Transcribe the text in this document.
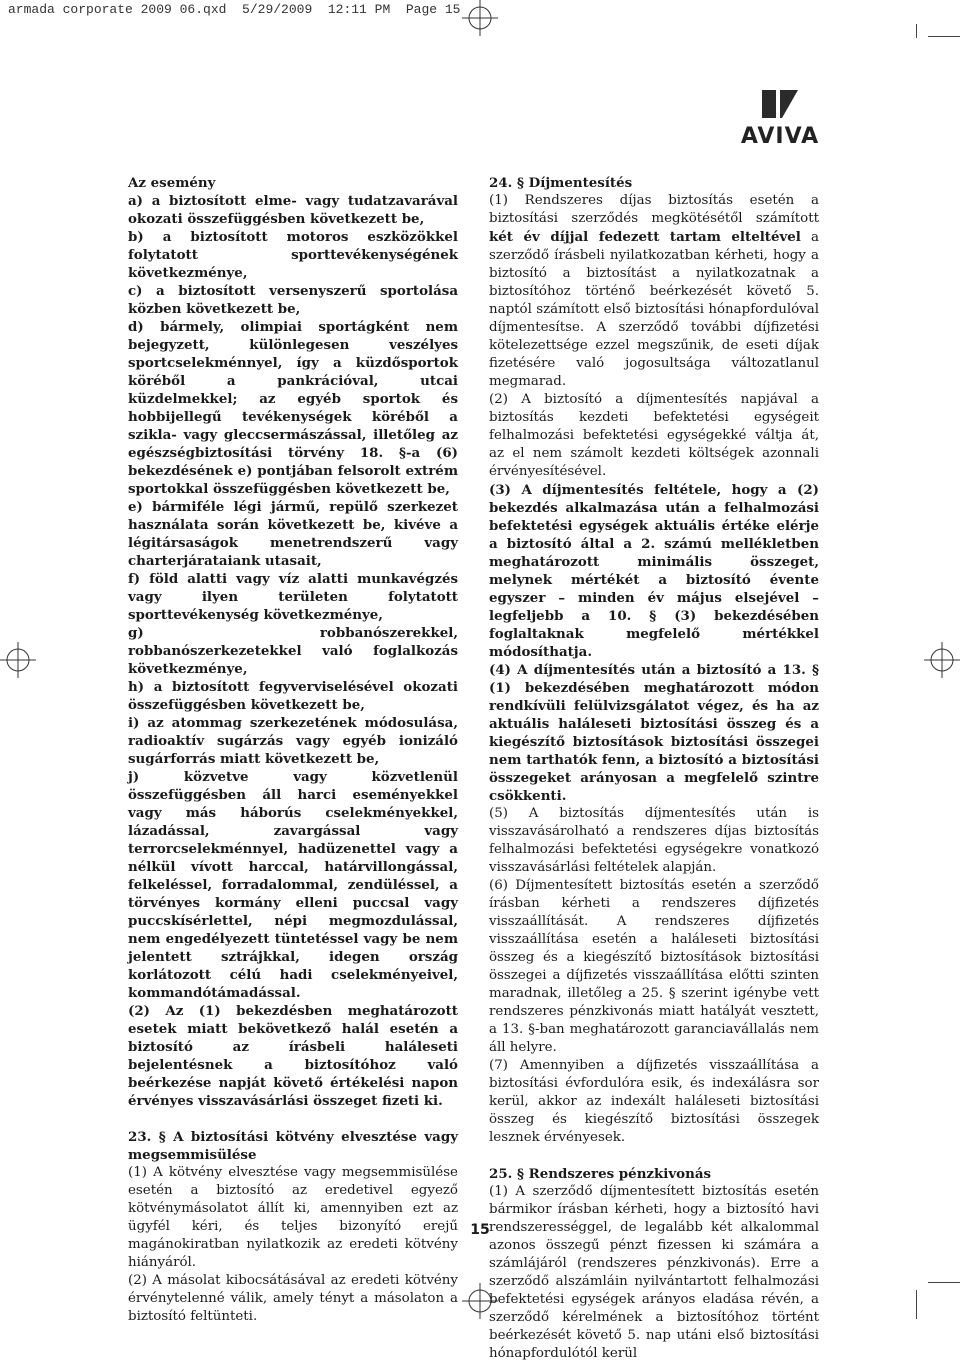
armada corporate 2009 06.qxd  5/29/2009  12:11 PM  Page 15
AVIVA

Az esemény

a) a biztosított elme- vagy tudatzavarával okozati összefüggésben következett be,

b) a biztosított motoros eszközökkel folytatott sporttevékenységének következménye,

c) a biztosított versenyszerű sportolása közben következett be,

d) bármely, olimpiai sportágként nem bejegyzett, különlegesen veszélyes sportcselekménnyel, így a küzdősportok köréből a pankrációval, utcai küzdelmekkel; az egyéb sportok és hobbijellegű tevékenységek köréből a szikla- vagy gleccsermászással, illetőleg az egészségbiztosítási törvény 18. §-a (6) bekezdésének e) pontjában felsorolt extrém sportokkal összefüggésben következett be,

e) bármiféle légi jármű, repülő szerkezet használata során következett be, kivéve a légitársaságok menetrendszerű vagy charterjárataiank utasait,

f) föld alatti vagy víz alatti munkavégzés vagy ilyen területen folytatott sporttevékenység következménye,

g) robbanószerekkel, robbanószerkezetekkel való foglalkozás következménye,

h) a biztosított fegyverviselésével okozati összefüggésben következett be,

i) az atommag szerkezetének módosulása, radioaktív sugárzás vagy egyéb ionizáló sugárforrás miatt következett be,

j) közvetve vagy közvetlenül összefüggésben áll harci eseményekkel vagy más háborús cselekményekkel, lázadással, zavargással vagy terrorcselekménnyel, hadüzenettel vagy a nélkül vívott harccal, határvillongással, felkeléssel, forradalommal, zendüléssel, a törvényes kormány elleni puccsal vagy puccskísérlettel, népi megmozdulással, nem engedélyezett tüntetéssel vagy be nem jelentett sztrájkkal, idegen ország korlátozott célú hadi cselekményeivel, kommandótámadással.

(2) Az (1) bekezdésben meghatározott esetek miatt bekövetkező halál esetén a biztosító az írásbeli haláleseti bejelentésnek a biztosítóhoz való beérkezése napját követő értékelési napon érvényes visszavásárlási összeget fizeti ki.

23. § A biztosítási kötvény elvesztése vagy megsemmisülése

(1) A kötvény elvesztése vagy megsemmisülése esetén a biztosító az eredetivel egyező kötvénymásolatot állít ki, amennyiben ezt az ügyfél kéri, és teljes bizonyító erejű magánokiratban nyilatkozik az eredeti kötvény hiányáról.

(2) A másolat kibocsátásával az eredeti kötvény érvénytelenné válik, amely tényt a másolaton a biztosító feltünteti.

24. § Díjmentesítés

(1) Rendszeres díjas biztosítás esetén a biztosítási szerződés megkötésétől számított két év díjjal fedezett tartam elteltével a szerződő írásbeli nyilatkozatban kérheti, hogy a biztosító a biztosítást a nyilatkozatnak a biztosítóhoz történő beérkezését követő 5. naptól számított első biztosítási hónapfordulóval díjmentesítse. A szerződő további díjfizetési kötelezettsége ezzel megszűnik, de eseti díjak fizetésére való jogosultsága változatlanul megmarad.

(2) A biztosító a díjmentesítés napjával a biztosítás kezdeti befektetési egységeit felhalmozási befektetési egységekké váltja át, az el nem számolt kezdeti költségek azonnali érvényesítésével.

(3) A díjmentesítés feltétele, hogy a (2) bekezdés alkalmazása után a felhalmozási befektetési egységek aktuális értéke elérje a biztosító által a 2. számú mellékletben meghatározott minimális összeget, melynek mértékét a biztosító évente egyszer – minden év május elsejével – legfeljebb a 10. § (3) bekezdésében foglaltaknak megfelelő mértékkel módosíthatja.

(4) A díjmentesítés után a biztosító a 13. § (1) bekezdésében meghatározott módon rendkívüli felülvizsgálatot végez, és ha az aktuális haláleseti biztosítási összeg és a kiegészítő biztosítások biztosítási összegei nem tarthatók fenn, a biztosító a biztosítási összegeket arányosan a megfelelő szintre csökkenti.

(5) A biztosítás díjmentesítés után is visszavásárolható a rendszeres díjas biztosítás felhalmozási befektetési egységekre vonatkozó visszavásárlási feltételek alapján.

(6) Díjmentesített biztosítás esetén a szerződő írásban kérheti a rendszeres díjfizetés visszaállítását. A rendszeres díjfizetés visszaállítása esetén a haláleseti biztosítási összeg és a kiegészítő biztosítások biztosítási összegei a díjfizetés visszaállítása előtti szinten maradnak, illetőleg a 25. § szerint igénybe vett rendszeres pénzkivonás miatt hatályát vesztett, a 13. §-ban meghatározott garanciavállalás nem áll helyre.

(7) Amennyiben a díjfizetés visszaállítása a biztosítási évfordulóra esik, és indexálásra sor kerül, akkor az indexált haláleseti biztosítási összeg és kiegészítő biztosítási összegek lesznek érvényesek.

25. § Rendszeres pénzkivonás

(1) A szerződő díjmentesített biztosítás esetén bármikor írásban kérheti, hogy a biztosító havi rendszerességgel, de legalább két alkalommal azonos összegű pénzt fizessen ki számára a számlájáról (rendszeres pénzkivonás). Erre a szerződő alszámláin nyilvántartott felhalmozási befektetési egységek arányos eladása révén, a szerződő kérelmének a biztosítóhoz történt beérkezését követő 5. nap utáni első biztosítási hónapfordulótól kerül

15
